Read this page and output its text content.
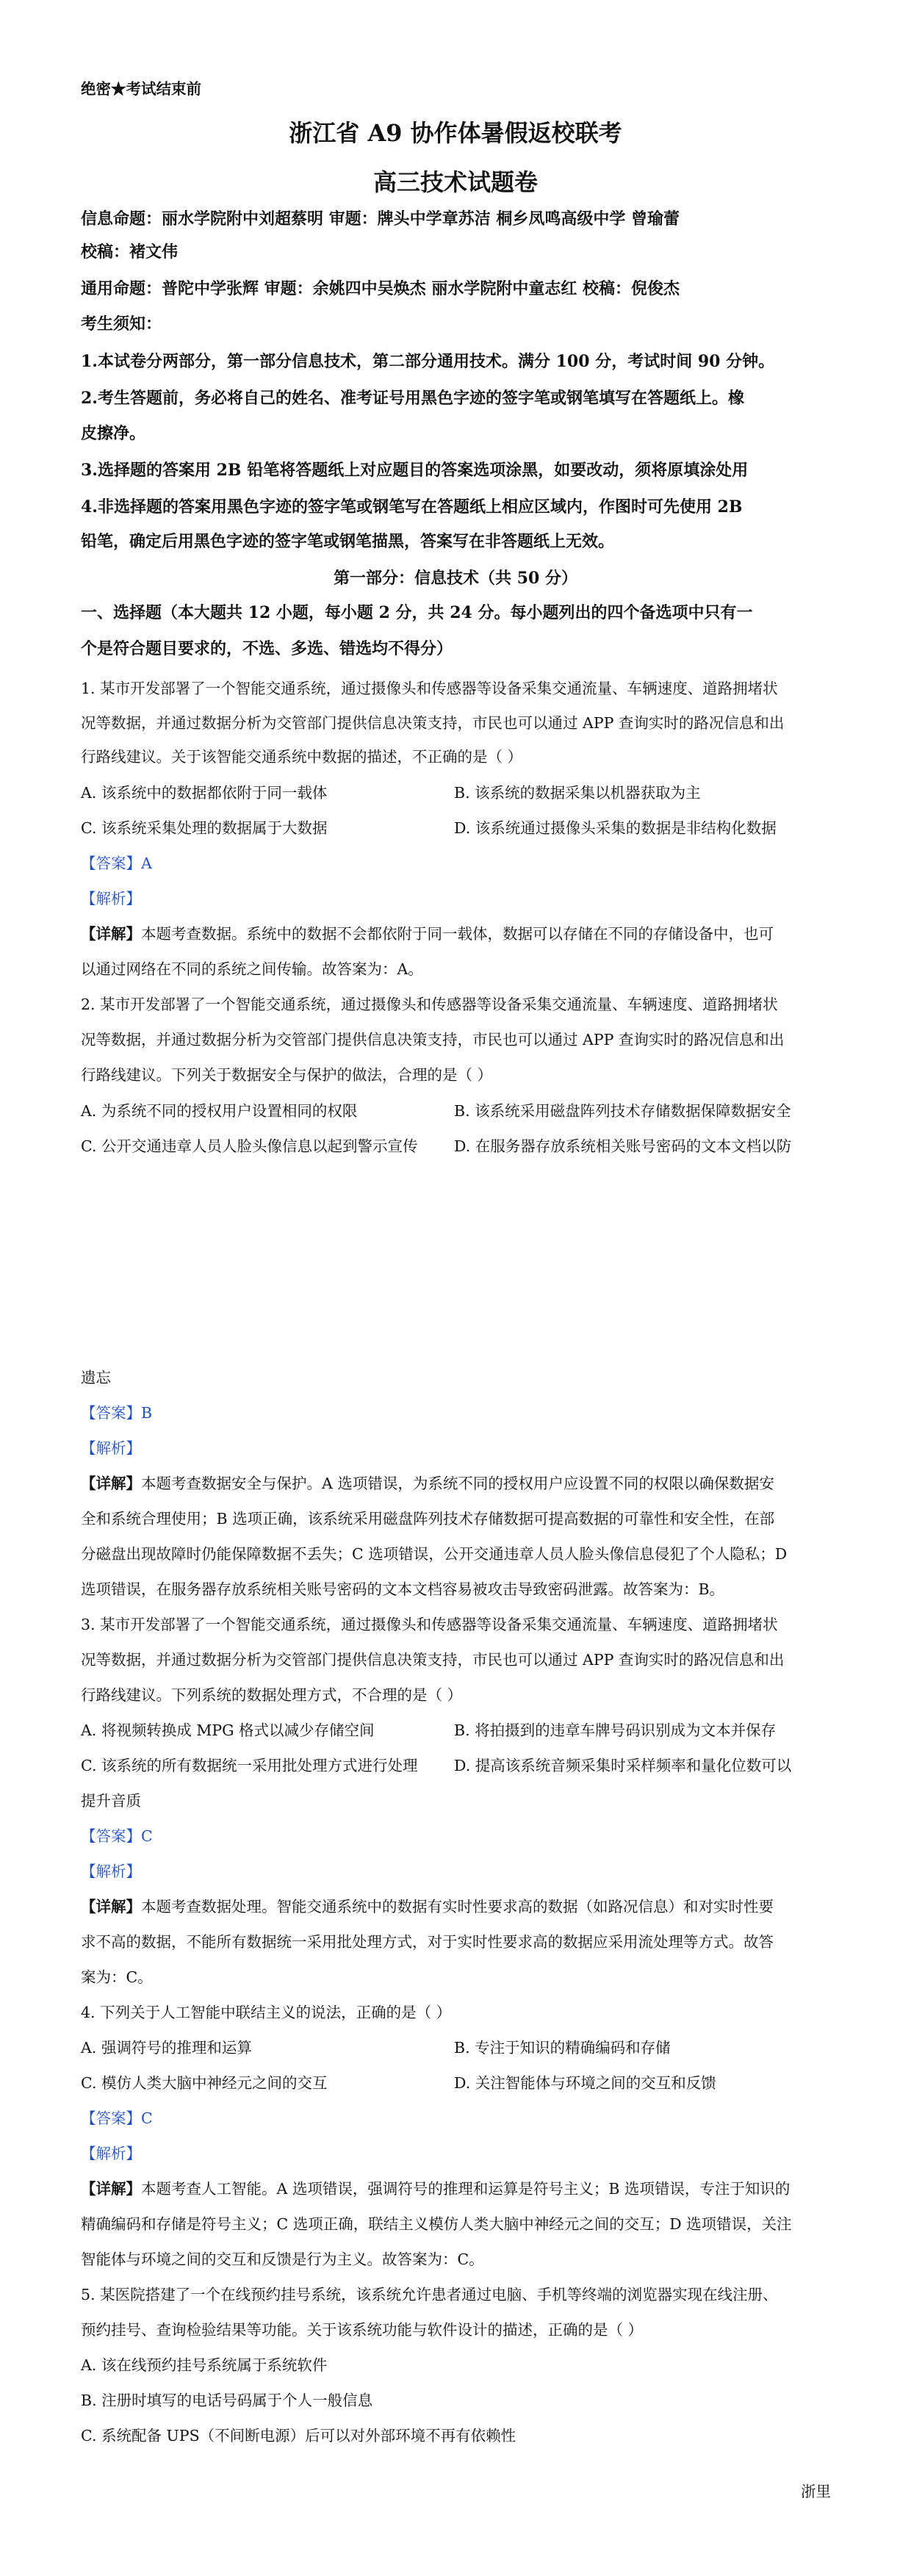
绝密★考试结束前
浙江省 A9 协作体暑假返校联考
高三技术试题卷
信息命题：丽水学院附中刘超蔡明 审题：牌头中学章苏洁 桐乡凤鸣高级中学 曾瑜蕾
校稿：褚文伟
通用命题：普陀中学张辉 审题：余姚四中吴焕杰 丽水学院附中童志红 校稿：倪俊杰
考生须知：
1.本试卷分两部分，第一部分信息技术，第二部分通用技术。满分 100 分，考试时间 90 分钟。
2.考生答题前，务必将自己的姓名、准考证号用黑色字迹的签字笔或钢笔填写在答题纸上。橡
皮擦净。
3.选择题的答案用 2B 铅笔将答题纸上对应题目的答案选项涂黑，如要改动，须将原填涂处用
4.非选择题的答案用黑色字迹的签字笔或钢笔写在答题纸上相应区域内，作图时可先使用 2B
铅笔，确定后用黑色字迹的签字笔或钢笔描黑，答案写在非答题纸上无效。
第一部分：信息技术（共 50 分）
一、选择题（本大题共 12 小题，每小题 2 分，共 24 分。每小题列出的四个备选项中只有一
个是符合题目要求的，不选、多选、错选均不得分）
1. 某市开发部署了一个智能交通系统，通过摄像头和传感器等设备采集交通流量、车辆速度、道路拥堵状
况等数据，并通过数据分析为交管部门提供信息决策支持，市民也可以通过 APP 查询实时的路况信息和出
行路线建议。关于该智能交通系统中数据的描述，不正确的是（ ）
A. 该系统中的数据都依附于同一载体	B. 该系统的数据采集以机器获取为主
C. 该系统采集处理的数据属于大数据	D. 该系统通过摄像头采集的数据是非结构化数据
【答案】A
【解析】
【详解】本题考查数据。系统中的数据不会都依附于同一载体，数据可以存储在不同的存储设备中，也可
以通过网络在不同的系统之间传输。故答案为：A。
2. 某市开发部署了一个智能交通系统，通过摄像头和传感器等设备采集交通流量、车辆速度、道路拥堵状
况等数据，并通过数据分析为交管部门提供信息决策支持，市民也可以通过 APP 查询实时的路况信息和出
行路线建议。下列关于数据安全与保护的做法，合理的是（ ）
A. 为系统不同的授权用户设置相同的权限	B. 该系统采用磁盘阵列技术存储数据保障数据安全
C. 公开交通违章人员人脸头像信息以起到警示宣传 D. 在服务器存放系统相关账号密码的文本文档以防
遗忘
【答案】B
【解析】
【详解】本题考查数据安全与保护。A 选项错误，为系统不同的授权用户应设置不同的权限以确保数据安
全和系统合理使用；B 选项正确，该系统采用磁盘阵列技术存储数据可提高数据的可靠性和安全性，在部
分磁盘出现故障时仍能保障数据不丢失；C 选项错误，公开交通违章人员人脸头像信息侵犯了个人隐私；D
选项错误，在服务器存放系统相关账号密码的文本文档容易被攻击导致密码泄露。故答案为：B。
3. 某市开发部署了一个智能交通系统，通过摄像头和传感器等设备采集交通流量、车辆速度、道路拥堵状
况等数据，并通过数据分析为交管部门提供信息决策支持，市民也可以通过 APP 查询实时的路况信息和出
行路线建议。下列系统的数据处理方式，不合理的是（ ）
A. 将视频转换成 MPG 格式以减少存储空间	B. 将拍摄到的违章车牌号码识别成为文本并保存
C. 该系统的所有数据统一采用批处理方式进行处理 D. 提高该系统音频采集时采样频率和量化位数可以
提升音质
【答案】C
【解析】
【详解】本题考查数据处理。智能交通系统中的数据有实时性要求高的数据（如路况信息）和对实时性要
求不高的数据，不能所有数据统一采用批处理方式，对于实时性要求高的数据应采用流处理等方式。故答
案为：C。
4. 下列关于人工智能中联结主义的说法，正确的是（ ）
A. 强调符号的推理和运算	B. 专注于知识的精确编码和存储
C. 模仿人类大脑中神经元之间的交互	D. 关注智能体与环境之间的交互和反馈
【答案】C
【解析】
【详解】本题考查人工智能。A 选项错误，强调符号的推理和运算是符号主义；B 选项错误，专注于知识的
精确编码和存储是符号主义；C 选项正确，联结主义模仿人类大脑中神经元之间的交互；D 选项错误，关注
智能体与环境之间的交互和反馈是行为主义。故答案为：C。
5. 某医院搭建了一个在线预约挂号系统，该系统允许患者通过电脑、手机等终端的浏览器实现在线注册、
预约挂号、查询检验结果等功能。关于该系统功能与软件设计的描述，正确的是（ ）
A. 该在线预约挂号系统属于系统软件
B. 注册时填写的电话号码属于个人一般信息
C. 系统配备 UPS（不间断电源）后可以对外部环境不再有依赖性
浙里
